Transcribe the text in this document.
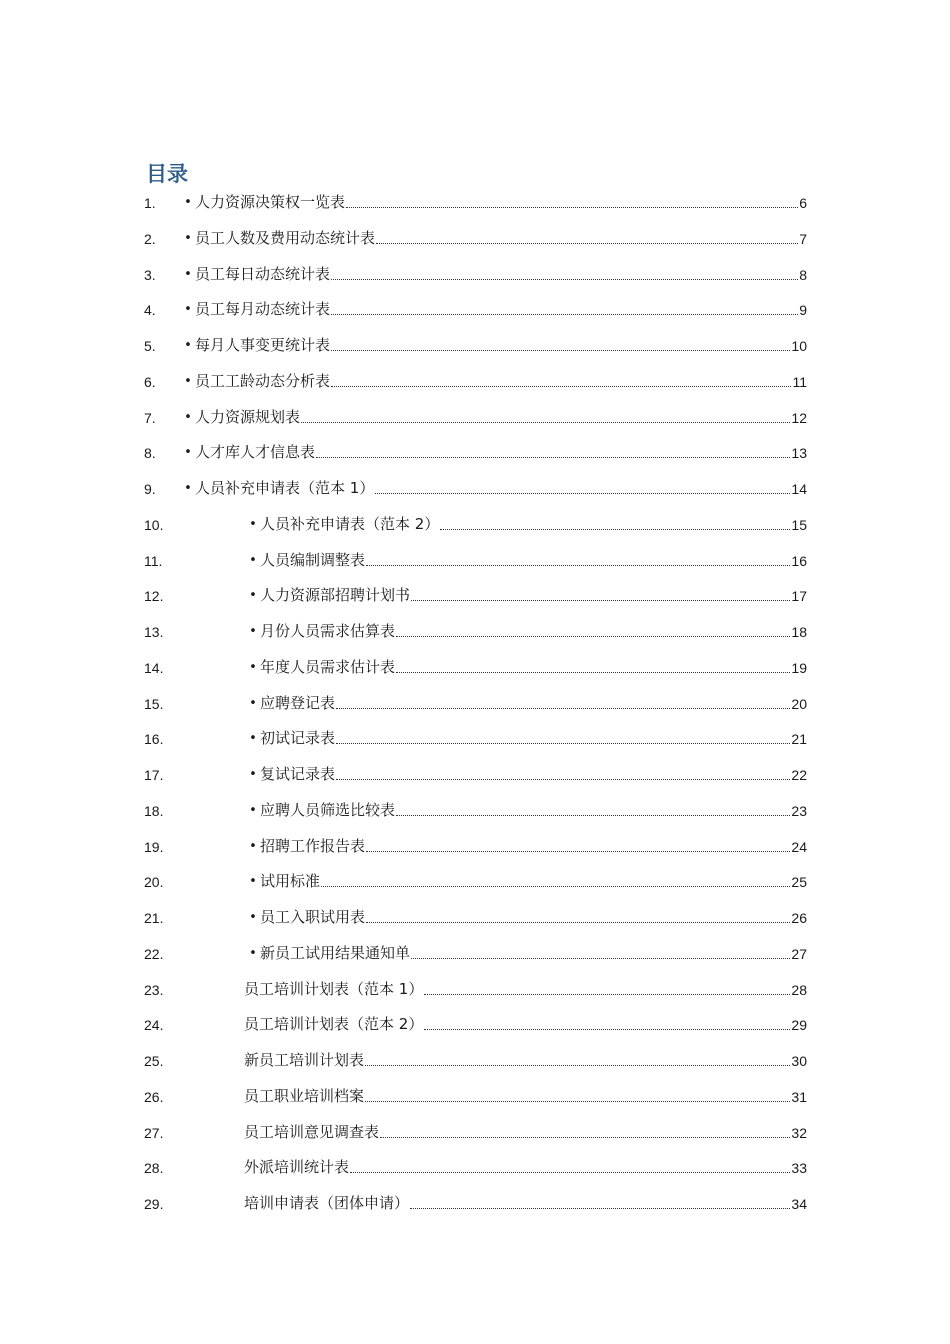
目录
1. • 人力资源决策权一览表	6
2. • 员工人数及费用动态统计表	7
3. • 员工每日动态统计表	8
4. • 员工每月动态统计表	9
5. • 每月人事变更统计表	10
6. • 员工工龄动态分析表	11
7. • 人力资源规划表	12
8. • 人才库人才信息表	13
9. • 人员补充申请表（范本 1）	14
10.	• 人员补充申请表（范本 2）	15
11.	• 人员编制调整表	16
12.	• 人力资源部招聘计划书	17
13.	• 月份人员需求估算表	18
14.	• 年度人员需求估计表	19
15.	• 应聘登记表	20
16.	• 初试记录表	21
17.	• 复试记录表	22
18.	• 应聘人员筛选比较表	23
19.	• 招聘工作报告表	24
20.	• 试用标准	25
21.	• 员工入职试用表	26
22.	• 新员工试用结果通知单	27
23.	员工培训计划表（范本 1）	28
24.	员工培训计划表（范本 2）	29
25.	新员工培训计划表	30
26.	员工职业培训档案	31
27.	员工培训意见调查表	32
28.	外派培训统计表	33
29.	培训申请表（团体申请）	34
